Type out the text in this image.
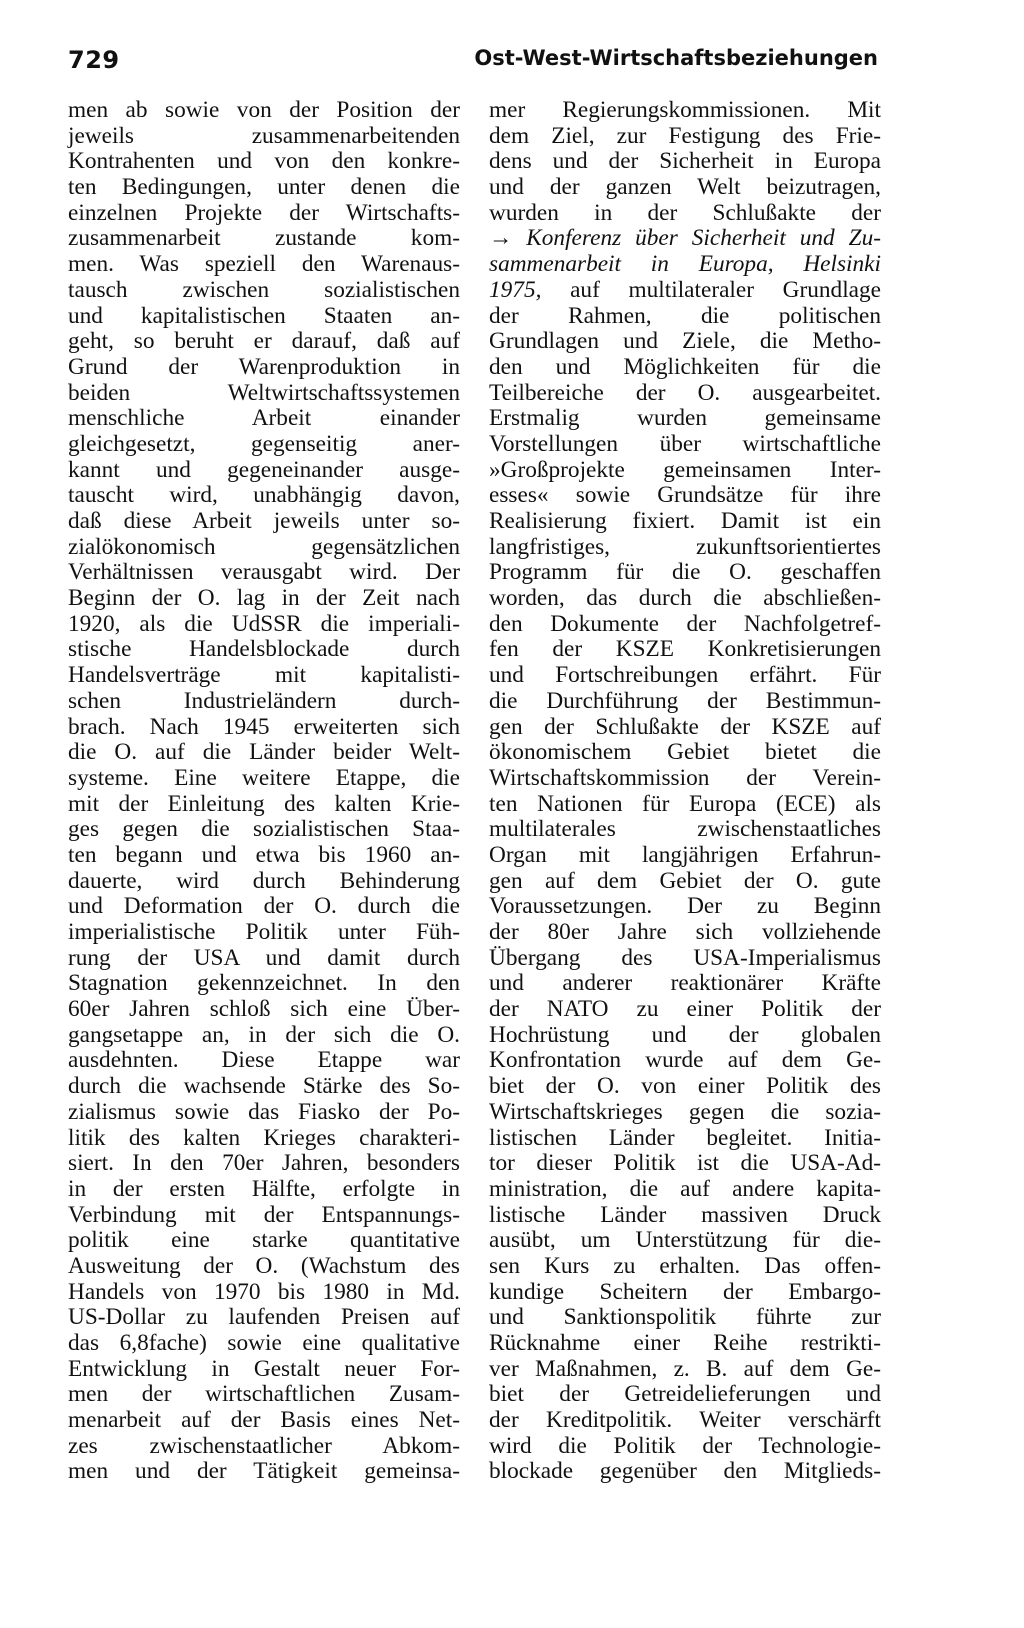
729	Ost-West-Wirtschaftsbeziehungen
men ab sowie von der Position der
jeweils zusammenarbeitenden
Kontrahenten und von den konkre-
ten Bedingungen, unter denen die
einzelnen Projekte der Wirtschafts-
zusammenarbeit zustande kom-
men. Was speziell den Warenaus-
tausch zwischen sozialistischen
und kapitalistischen Staaten an-
geht, so beruht er darauf, daß auf
Grund der Warenproduktion in
beiden Weltwirtschaftssystemen
menschliche Arbeit einander
gleichgesetzt, gegenseitig aner-
kannt und gegeneinander ausge-
tauscht wird, unabhängig davon,
daß diese Arbeit jeweils unter so-
zialökonomisch gegensätzlichen
Verhältnissen verausgabt wird. Der
Beginn der O. lag in der Zeit nach
1920, als die UdSSR die imperiali-
stische Handelsblockade durch
Handelsverträge mit kapitalisti-
schen Industrieländern durch-
brach. Nach 1945 erweiterten sich
die O. auf die Länder beider Welt-
systeme. Eine weitere Etappe, die
mit der Einleitung des kalten Krie-
ges gegen die sozialistischen Staa-
ten begann und etwa bis 1960 an-
dauerte, wird durch Behinderung
und Deformation der O. durch die
imperialistische Politik unter Füh-
rung der USA und damit durch
Stagnation gekennzeichnet. In den
60er Jahren schloß sich eine Über-
gangsetappe an, in der sich die O.
ausdehnten. Diese Etappe war
durch die wachsende Stärke des So-
zialismus sowie das Fiasko der Po-
litik des kalten Krieges charakteri-
siert. In den 70er Jahren, besonders
in der ersten Hälfte, erfolgte in
Verbindung mit der Entspannungs-
politik eine starke quantitative
Ausweitung der O. (Wachstum des
Handels von 1970 bis 1980 in Md.
US-Dollar zu laufenden Preisen auf
das 6,8fache) sowie eine qualitative
Entwicklung in Gestalt neuer For-
men der wirtschaftlichen Zusam-
menarbeit auf der Basis eines Net-
zes zwischenstaatlicher Abkom-
men und der Tätigkeit gemeinsa-
mer Regierungskommissionen. Mit
dem Ziel, zur Festigung des Frie-
dens und der Sicherheit in Europa
und der ganzen Welt beizutragen,
wurden in der Schlußakte der
→ Konferenz über Sicherheit und Zu-
sammenarbeit in Europa, Helsinki
1975, auf multilateraler Grundlage
der Rahmen, die politischen
Grundlagen und Ziele, die Metho-
den und Möglichkeiten für die
Teilbereiche der O. ausgearbeitet.
Erstmalig wurden gemeinsame
Vorstellungen über wirtschaftliche
»Großprojekte gemeinsamen Inter-
esses« sowie Grundsätze für ihre
Realisierung fixiert. Damit ist ein
langfristiges, zukunftsorientiertes
Programm für die O. geschaffen
worden, das durch die abschließen-
den Dokumente der Nachfolgetref-
fen der KSZE Konkretisierungen
und Fortschreibungen erfährt. Für
die Durchführung der Bestimmun-
gen der Schlußakte der KSZE auf
ökonomischem Gebiet bietet die
Wirtschaftskommission der Verein-
ten Nationen für Europa (ECE) als
multilaterales zwischenstaatliches
Organ mit langjährigen Erfahrun-
gen auf dem Gebiet der O. gute
Voraussetzungen. Der zu Beginn
der 80er Jahre sich vollziehende
Übergang des USA-Imperialismus
und anderer reaktionärer Kräfte
der NATO zu einer Politik der
Hochrüstung und der globalen
Konfrontation wurde auf dem Ge-
biet der O. von einer Politik des
Wirtschaftskrieges gegen die sozia-
listischen Länder begleitet. Initia-
tor dieser Politik ist die USA-Ad-
ministration, die auf andere kapita-
listische Länder massiven Druck
ausübt, um Unterstützung für die-
sen Kurs zu erhalten. Das offen-
kundige Scheitern der Embargo-
und Sanktionspolitik führte zur
Rücknahme einer Reihe restrikti-
ver Maßnahmen, z. B. auf dem Ge-
biet der Getreidelieferungen und
der Kreditpolitik. Weiter verschärft
wird die Politik der Technologie-
blockade gegenüber den Mitglieds-
